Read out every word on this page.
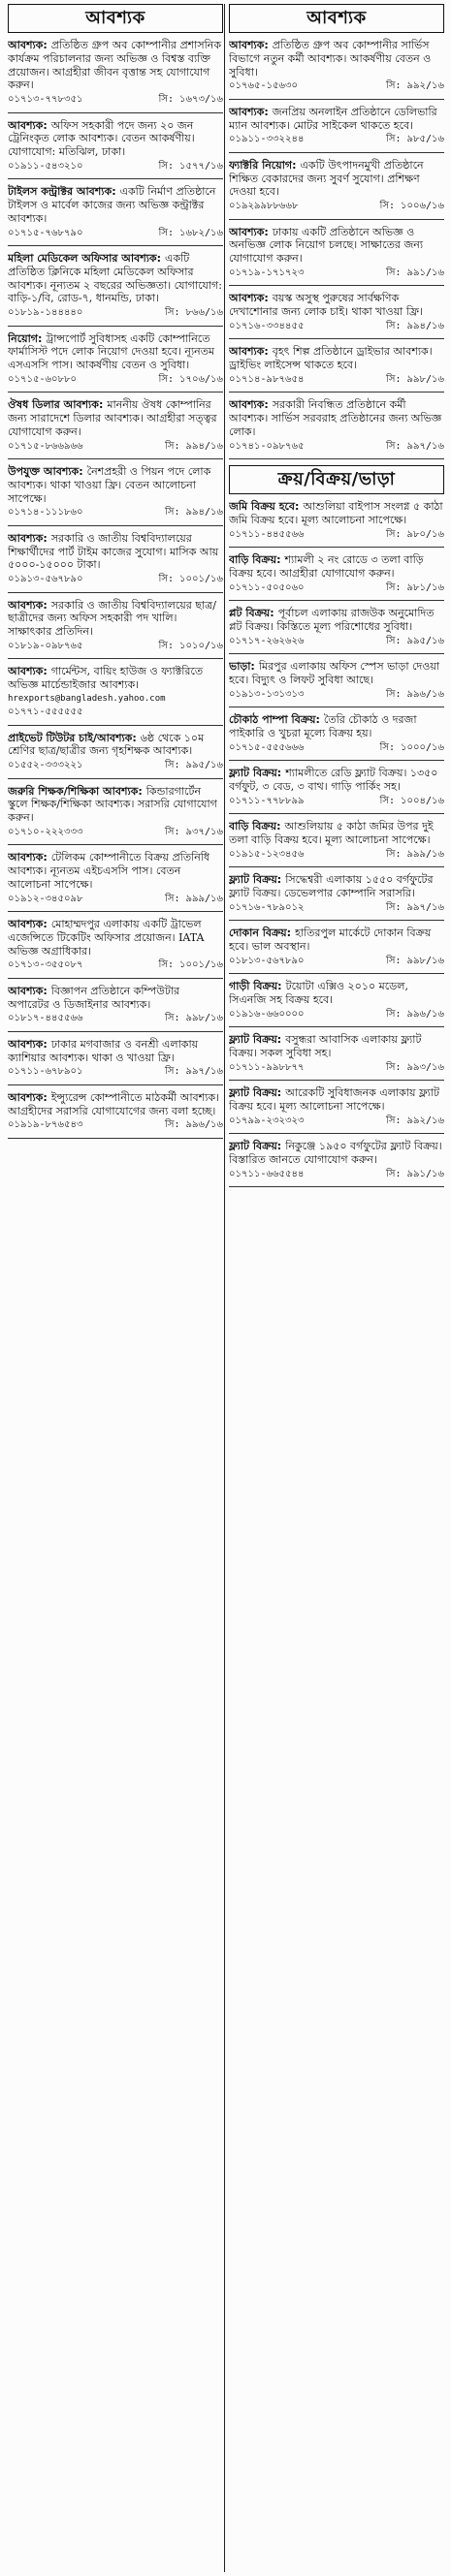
আবশ্যক
আবশ্যক: প্রতিষ্ঠিত গ্রুপ অব কোম্পানীর প্রশাসনিক কার্যক্রম পরিচালনার জন্য অভিজ্ঞ ও বিশ্বস্ত ব্যক্তি প্রয়োজন। আগ্রহীরা জীবন বৃত্তান্ত সহ যোগাযোগ করুন।
০১৭১৩-৭৭৮৩৫১	সি: ১৬৭৩/১৬
আবশ্যক: অফিস সহকারী পদে জন্য ২০ জন ট্রেনিংকৃত লোক আবশ্যক। বেতন আকর্ষণীয়। যোগাযোগ: মতিঝিল, ঢাকা।
০১৯১১-৫৪৩২১০	সি: ১৫৭৭/১৬
টাইলস কন্ট্রাক্টর আবশ্যক: একটি নির্মাণ প্রতিষ্ঠানে টাইলস ও মার্বেল কাজের জন্য অভিজ্ঞ কন্ট্রাক্টর আবশ্যক।
০১৭১৫-৭৬৮৭৯০	সি: ১৬৮২/১৬
মহিলা মেডিকেল অফিসার আবশ্যক: একটি প্রতিষ্ঠিত ক্লিনিকে মহিলা মেডিকেল অফিসার আবশ্যক। নূন্যতম ২ বছরের অভিজ্ঞতা। যোগাযোগ: বাড়ি-১/বি, রোড-৭, ধানমন্ডি, ঢাকা।
০১৮১৯-১৪৪৪৪০	সি: ৮৬৬/১৬
নিয়োগ: ট্রান্সপোর্ট সুবিধাসহ একটি কোম্পানিতে ফার্মাসিস্ট পদে লোক নিয়োগ দেওয়া হবে। ন্যূনতম এসএসসি পাস। আকর্ষণীয় বেতন ও সুবিধা।
০১৭১৫-৬০৮৮০	সি: ১৭০৬/১৬
ঔষধ ডিলার আবশ্যক: মাননীয় ঔষধ কোম্পানির জন্য সারাদেশে ডিলার আবশ্যক। আগ্রহীরা সত্ত্বর যোগাযোগ করুন।
০১৭১৫-৮৬৬৯৬৬	সি: ৯৯৪/১৬
উপযুক্ত আবশ্যক: নৈশপ্রহরী ও পিয়ন পদে লোক আবশ্যক। থাকা খাওয়া ফ্রি। বেতন আলোচনা সাপেক্ষে।
০১৭১৪-১১১৮৬০	সি: ৯৯৪/১৬
আবশ্যক: সরকারি ও জাতীয় বিশ্ববিদ্যালয়ের শিক্ষার্থীদের পার্ট টাইম কাজের সুযোগ। মাসিক আয় ৫০০০-১৫০০০ টাকা।
০১৯১৩-৫৬৭৮৯০	সি: ১০০১/১৬
আবশ্যক: সরকারি ও জাতীয় বিশ্ববিদ্যালয়ের ছাত্র/ছাত্রীদের জন্য অফিস সহকারী পদ খালি। সাক্ষাৎকার প্রতিদিন।
০১৮১৯-০৯৮৭৬৫	সি: ১০১০/১৬
আবশ্যক: গার্মেন্টস, বায়িং হাউজ ও ফ্যাক্টরিতে অভিজ্ঞ মার্চেন্ডাইজার আবশ্যক।
hrexports@bangladesh.yahoo.com
০১৭৭১-৫৫৫৫৫৫
প্রাইভেট টিউটর চাই/আবশ্যক: ৬ষ্ঠ থেকে ১০ম শ্রেণির ছাত্র/ছাত্রীর জন্য গৃহশিক্ষক আবশ্যক।
০১৫৫২-৩৩৩২২১	সি: ৯৯৫/১৬
জরুরি শিক্ষক/শিক্ষিকা আবশ্যক: কিন্ডারগার্টেন স্কুলে শিক্ষক/শিক্ষিকা আবশ্যক। সরাসরি যোগাযোগ করুন।
০১৭১০-২২২৩৩৩	সি: ৯৩৭/১৬
আবশ্যক: টেলিকম কোম্পানীতে বিক্রয় প্রতিনিধি আবশ্যক। ন্যূনতম এইচএসসি পাস। বেতন আলোচনা সাপেক্ষে।
০১৯১২-৩৪৫০৯৮	সি: ৯৯৯/১৬
আবশ্যক: মোহাম্মদপুর এলাকায় একটি ট্রাভেল এজেন্সিতে টিকেটিং অফিসার প্রয়োজন। IATA অভিজ্ঞ অগ্রাধিকার।
০১৭১৩-৩৫৫০৮৭	সি: ১০০১/১৬
আবশ্যক: বিজ্ঞাপন প্রতিষ্ঠানে কম্পিউটার অপারেটর ও ডিজাইনার আবশ্যক।
০১৮১৭-৪৪৫৫৬৬	সি: ৯৯৮/১৬
আবশ্যক: ঢাকার মগবাজার ও বনশ্রী এলাকায় ক্যাশিয়ার আবশ্যক। থাকা ও খাওয়া ফ্রি।
০১৭১১-৬৭৮৯০১	সি: ৯৯৭/১৬
আবশ্যক: ইন্স্যুরেন্স কোম্পানীতে মাঠকর্মী আবশ্যক। আগ্রহীদের সরাসরি যোগাযোগের জন্য বলা হচ্ছে।
০১৯১৯-৮৭৬৫৪৩	সি: ৯৯৬/১৬
আবশ্যক
আবশ্যক: প্রতিষ্ঠিত গ্রুপ অব কোম্পানীর সার্ভিস বিভাগে নতুন কর্মী আবশ্যক। আকর্ষণীয় বেতন ও সুবিধা।
০১৭৬৫-১৫৬৩০	সি: ৯৯২/১৬
আবশ্যক: জনপ্রিয় অনলাইন প্রতিষ্ঠানে ডেলিভারি ম্যান আবশ্যক। মোটর সাইকেল থাকতে হবে।
০১৯১১-৩৩২২৪৪	সি: ৯৮৫/১৬
ফ্যাক্টরি নিয়োগ: একটি উৎপাদনমুখী প্রতিষ্ঠানে শিক্ষিত বেকারদের জন্য সুবর্ণ সুযোগ। প্রশিক্ষণ দেওয়া হবে।
০১৯২৯৯৮৮৬৬৮	সি: ১০০৬/১৬
আবশ্যক: ঢাকায় একটি প্রতিষ্ঠানে অভিজ্ঞ ও অনভিজ্ঞ লোক নিয়োগ চলছে। সাক্ষাতের জন্য যোগাযোগ করুন।
০১৭১৯-১৭১৭২৩	সি: ৯৯১/১৬
আবশ্যক: বয়স্ক অসুস্থ পুরুষের সার্বক্ষণিক দেখাশোনার জন্য লোক চাই। থাকা খাওয়া ফ্রি।
০১৭১৬-৩৩৪৪৫৫	সি: ৯৯৪/১৬
আবশ্যক: বৃহৎ শিল্প প্রতিষ্ঠানে ড্রাইভার আবশ্যক। ড্রাইভিং লাইসেন্স থাকতে হবে।
০১৭১৪-৯৮৭৬৫৪	সি: ৯৯৮/১৬
আবশ্যক: সরকারী নিবন্ধিত প্রতিষ্ঠানে কর্মী আবশ্যক। সার্ভিস সরবরাহ প্রতিষ্ঠানের জন্য অভিজ্ঞ লোক।
০১৭৪১-০৯৮৭৬৫	সি: ৯৯৭/১৬
ক্রয়/বিক্রয়/ভাড়া
জমি বিক্রয় হবে: আশুলিয়া বাইপাস সংলগ্ন ৫ কাঠা জমি বিক্রয় হবে। মূল্য আলোচনা সাপেক্ষে।
০১৭১১-৪৪৫৫৬৬	সি: ৯৮০/১৬
বাড়ি বিক্রয়: শ্যামলী ২ নং রোডে ৩ তলা বাড়ি বিক্রয় হবে। আগ্রহীরা যোগাযোগ করুন।
০১৭১১-৫০৫০৬০	সি: ৯৮১/১৬
প্লট বিক্রয়: পূর্বাচল এলাকায় রাজউক অনুমোদিত প্লট বিক্রয়। কিস্তিতে মূল্য পরিশোধের সুবিধা।
০১৭১৭-২৬২৬২৬	সি: ৯৯৫/১৬
ভাড়া: মিরপুর এলাকায় অফিস স্পেস ভাড়া দেওয়া হবে। বিদ্যুৎ ও লিফট সুবিধা আছে।
০১৯১৩-১৩১৩১৩	সি: ৯৯৬/১৬
চৌকাঠ পাম্পা বিক্রয়: তৈরি চৌকাঠ ও দরজা পাইকারি ও খুচরা মূল্যে বিক্রয় হয়।
০১৭১৫-৫৫৫৬৬৬	সি: ১০০০/১৬
ফ্ল্যাট বিক্রয়: শ্যামলীতে রেডি ফ্ল্যাট বিক্রয়। ১৩৫০ বর্গফুট, ৩ বেড, ৩ বাথ। গাড়ি পার্কিং সহ।
০১৭১১-৭৭৮৮৯৯	সি: ১০০৪/১৬
বাড়ি বিক্রয়: আশুলিয়ায় ৫ কাঠা জমির উপর দুই তলা বাড়ি বিক্রয় হবে। মূল্য আলোচনা সাপেক্ষে।
০১৯১৫-১২৩৪৫৬	সি: ৯৯৯/১৬
ফ্ল্যাট বিক্রয়: সিদ্ধেশ্বরী এলাকায় ১৫৫০ বর্গফুটের ফ্ল্যাট বিক্রয়। ডেভেলপার কোম্পানি সরাসরি।
০১৭১৬-৭৮৯০১২	সি: ৯৯৭/১৬
দোকান বিক্রয়: হাতিরপুল মার্কেটে দোকান বিক্রয় হবে। ভাল অবস্থান।
০১৮১৩-৫৬৭৮৯০	সি: ৯৯৮/১৬
গাড়ী বিক্রয়: টয়োটা এক্সিও ২০১০ মডেল, সিএনজি সহ বিক্রয় হবে।
০১৯১৬-৬৬০০০০	সি: ৯৯৬/১৬
ফ্ল্যাট বিক্রয়: বসুন্ধরা আবাসিক এলাকায় ফ্ল্যাট বিক্রয়। সকল সুবিধা সহ।
০১৭১১-৯৯৮৮৭৭	সি: ৯৯৩/১৬
ফ্ল্যাট বিক্রয়: আরেকটি সুবিধাজনক এলাকায় ফ্ল্যাট বিক্রয় হবে। মূল্য আলোচনা সাপেক্ষে।
০১৭৯৯-২৩২৩২৩	সি: ৯৯২/১৬
ফ্ল্যাট বিক্রয়: নিকুঞ্জে ১৯৫০ বর্গফুটের ফ্ল্যাট বিক্রয়। বিস্তারিত জানতে যোগাযোগ করুন।
০১৭১১-৬৬৫৫৪৪	সি: ৯৯১/১৬
